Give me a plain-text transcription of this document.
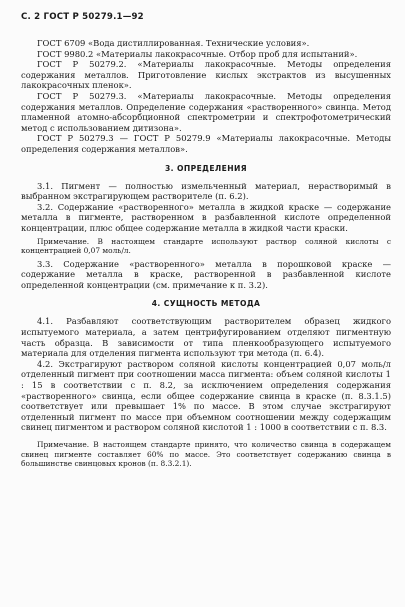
С. 2 ГОСТ Р 50279.1—92

ГОСТ 6709 «Вода дистиллированная. Технические условия».

ГОСТ 9980.2 «Материалы лакокрасочные. Отбор проб для испытаний».

ГОСТ Р 50279.2. «Материалы лакокрасочные. Методы определения содержания металлов. Приготовление кислых экстрактов из высушенных лакокрасочных пленок».

ГОСТ Р 50279.3. «Материалы лакокрасочные. Методы определения содержания металлов. Определение содержания «растворенного» свинца. Метод пламенной атомно-абсорбционной спектрометрии и спектрофотометрический метод с использованием дитизона».

ГОСТ Р 50279.3 — ГОСТ Р 50279.9 «Материалы лакокрасочные. Методы определения содержания металлов».

3. ОПРЕДЕЛЕНИЯ

3.1. Пигмент — полностью измельченный материал, нерастворимый в выбранном экстрагирующем растворителе (п. 6.2).

3.2. Содержание «растворенного» металла в жидкой краске — содержание металла в пигменте, растворенном в разбавленной кислоте определенной концентрации, плюс общее содержание металла в жидкой части краски.

Примечание. В настоящем стандарте используют раствор соляной кислоты с концентрацией 0,07 моль/л.

3.3. Содержание «растворенного» металла в порошковой краске — содержание металла в краске, растворенной в разбавленной кислоте определенной концентрации (см. примечание к п. 3.2).

4. СУЩНОСТЬ МЕТОДА

4.1. Разбавляют соответствующим растворителем образец жидкого испытуемого материала, а затем центрифугированием отделяют пигментную часть образца. В зависимости от типа пленкообразующего испытуемого материала для отделения пигмента используют три метода (п. 6.4).

4.2. Экстрагируют раствором соляной кислоты концентрацией 0,07 моль/л отделенный пигмент при соотношении масса пигмента: объем соляной кислоты 1 : 15 в соответствии с п. 8.2, за исключением определения содержания «растворенного» свинца, если общее содержание свинца в краске (п. 8.3.1.5) соответствует или превышает 1% по массе. В этом случае экстрагируют отделенный пигмент по массе при объемном соотношении между содержащим свинец пигментом и раствором соляной кислотой 1 : 1000 в соответствии с п. 8.3.

Примечание. В настоящем стандарте принято, что количество свинца в содержащем свинец пигменте составляет 60% по массе. Это соответствует содержанию свинца в большинстве свинцовых кронов (п. 8.3.2.1).
